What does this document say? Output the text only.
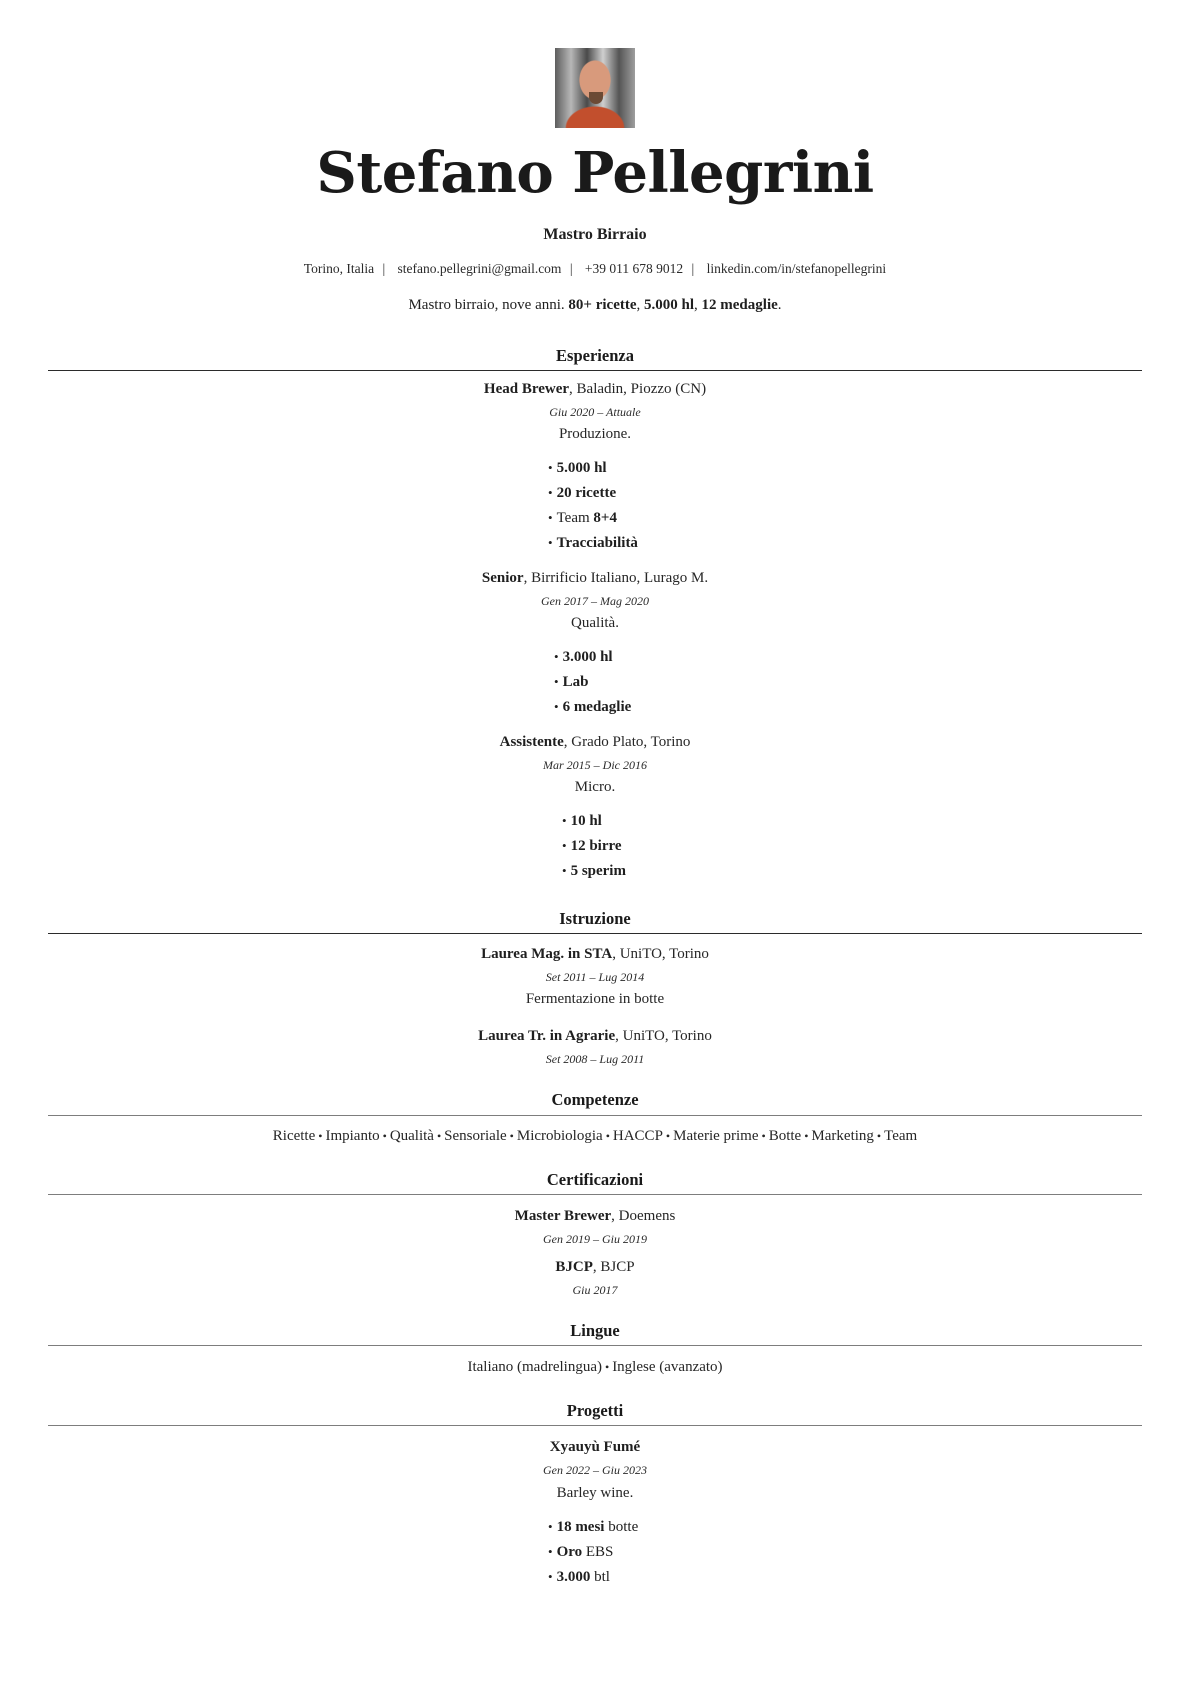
Stefano Pellegrini
Mastro Birraio
Torino, Italia | stefano.pellegrini@gmail.com | +39 011 678 9012 | linkedin.com/in/stefanopellegrini
Mastro birraio, nove anni. 80+ ricette, 5.000 hl, 12 medaglie.
Esperienza
Head Brewer, Baladin, Piozzo (CN)
Giu 2020 – Attuale
Produzione.
• 5.000 hl
• 20 ricette
• Team 8+4
• Tracciabilità
Senior, Birrificio Italiano, Lurago M.
Gen 2017 – Mag 2020
Qualità.
• 3.000 hl
• Lab
• 6 medaglie
Assistente, Grado Plato, Torino
Mar 2015 – Dic 2016
Micro.
• 10 hl
• 12 birre
• 5 sperim
Istruzione
Laurea Mag. in STA, UniTO, Torino
Set 2011 – Lug 2014
Fermentazione in botte
Laurea Tr. in Agrarie, UniTO, Torino
Set 2008 – Lug 2011
Competenze
Ricette • Impianto • Qualità • Sensoriale • Microbiologia • HACCP • Materie prime • Botte • Marketing • Team
Certificazioni
Master Brewer, Doemens
Gen 2019 – Giu 2019
BJCP, BJCP
Giu 2017
Lingue
Italiano (madrelingua) • Inglese (avanzato)
Progetti
Xyauyù Fumé
Gen 2022 – Giu 2023
Barley wine.
• 18 mesi botte
• Oro EBS
• 3.000 btl
